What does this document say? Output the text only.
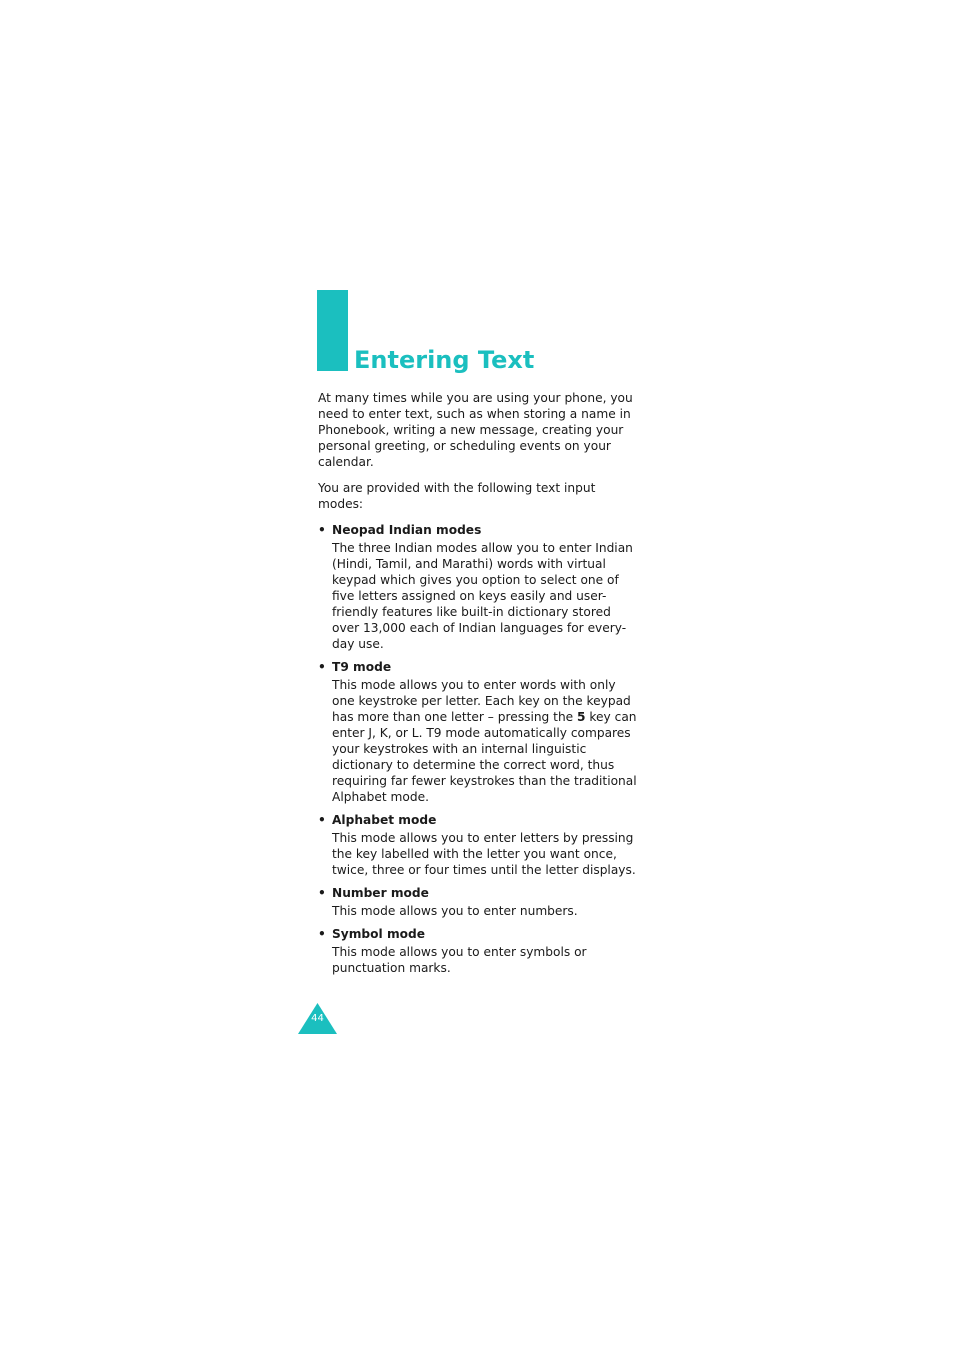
Entering Text

At many times while you are using your phone, you
need to enter text, such as when storing a name in
Phonebook, writing a new message, creating your
personal greeting, or scheduling events on your
calendar.

You are provided with the following text input
modes:

• Neopad Indian modes
The three Indian modes allow you to enter Indian
(Hindi, Tamil, and Marathi) words with virtual
keypad which gives you option to select one of
five letters assigned on keys easily and user-
friendly features like built-in dictionary stored
over 13,000 each of Indian languages for every-
day use.
• T9 mode
This mode allows you to enter words with only
one keystroke per letter. Each key on the keypad
has more than one letter – pressing the 5 key can
enter J, K, or L. T9 mode automatically compares
your keystrokes with an internal linguistic
dictionary to determine the correct word, thus
requiring far fewer keystrokes than the traditional
Alphabet mode.
• Alphabet mode
This mode allows you to enter letters by pressing
the key labelled with the letter you want once,
twice, three or four times until the letter displays.
• Number mode
This mode allows you to enter numbers.
• Symbol mode
This mode allows you to enter symbols or
punctuation marks.
44
